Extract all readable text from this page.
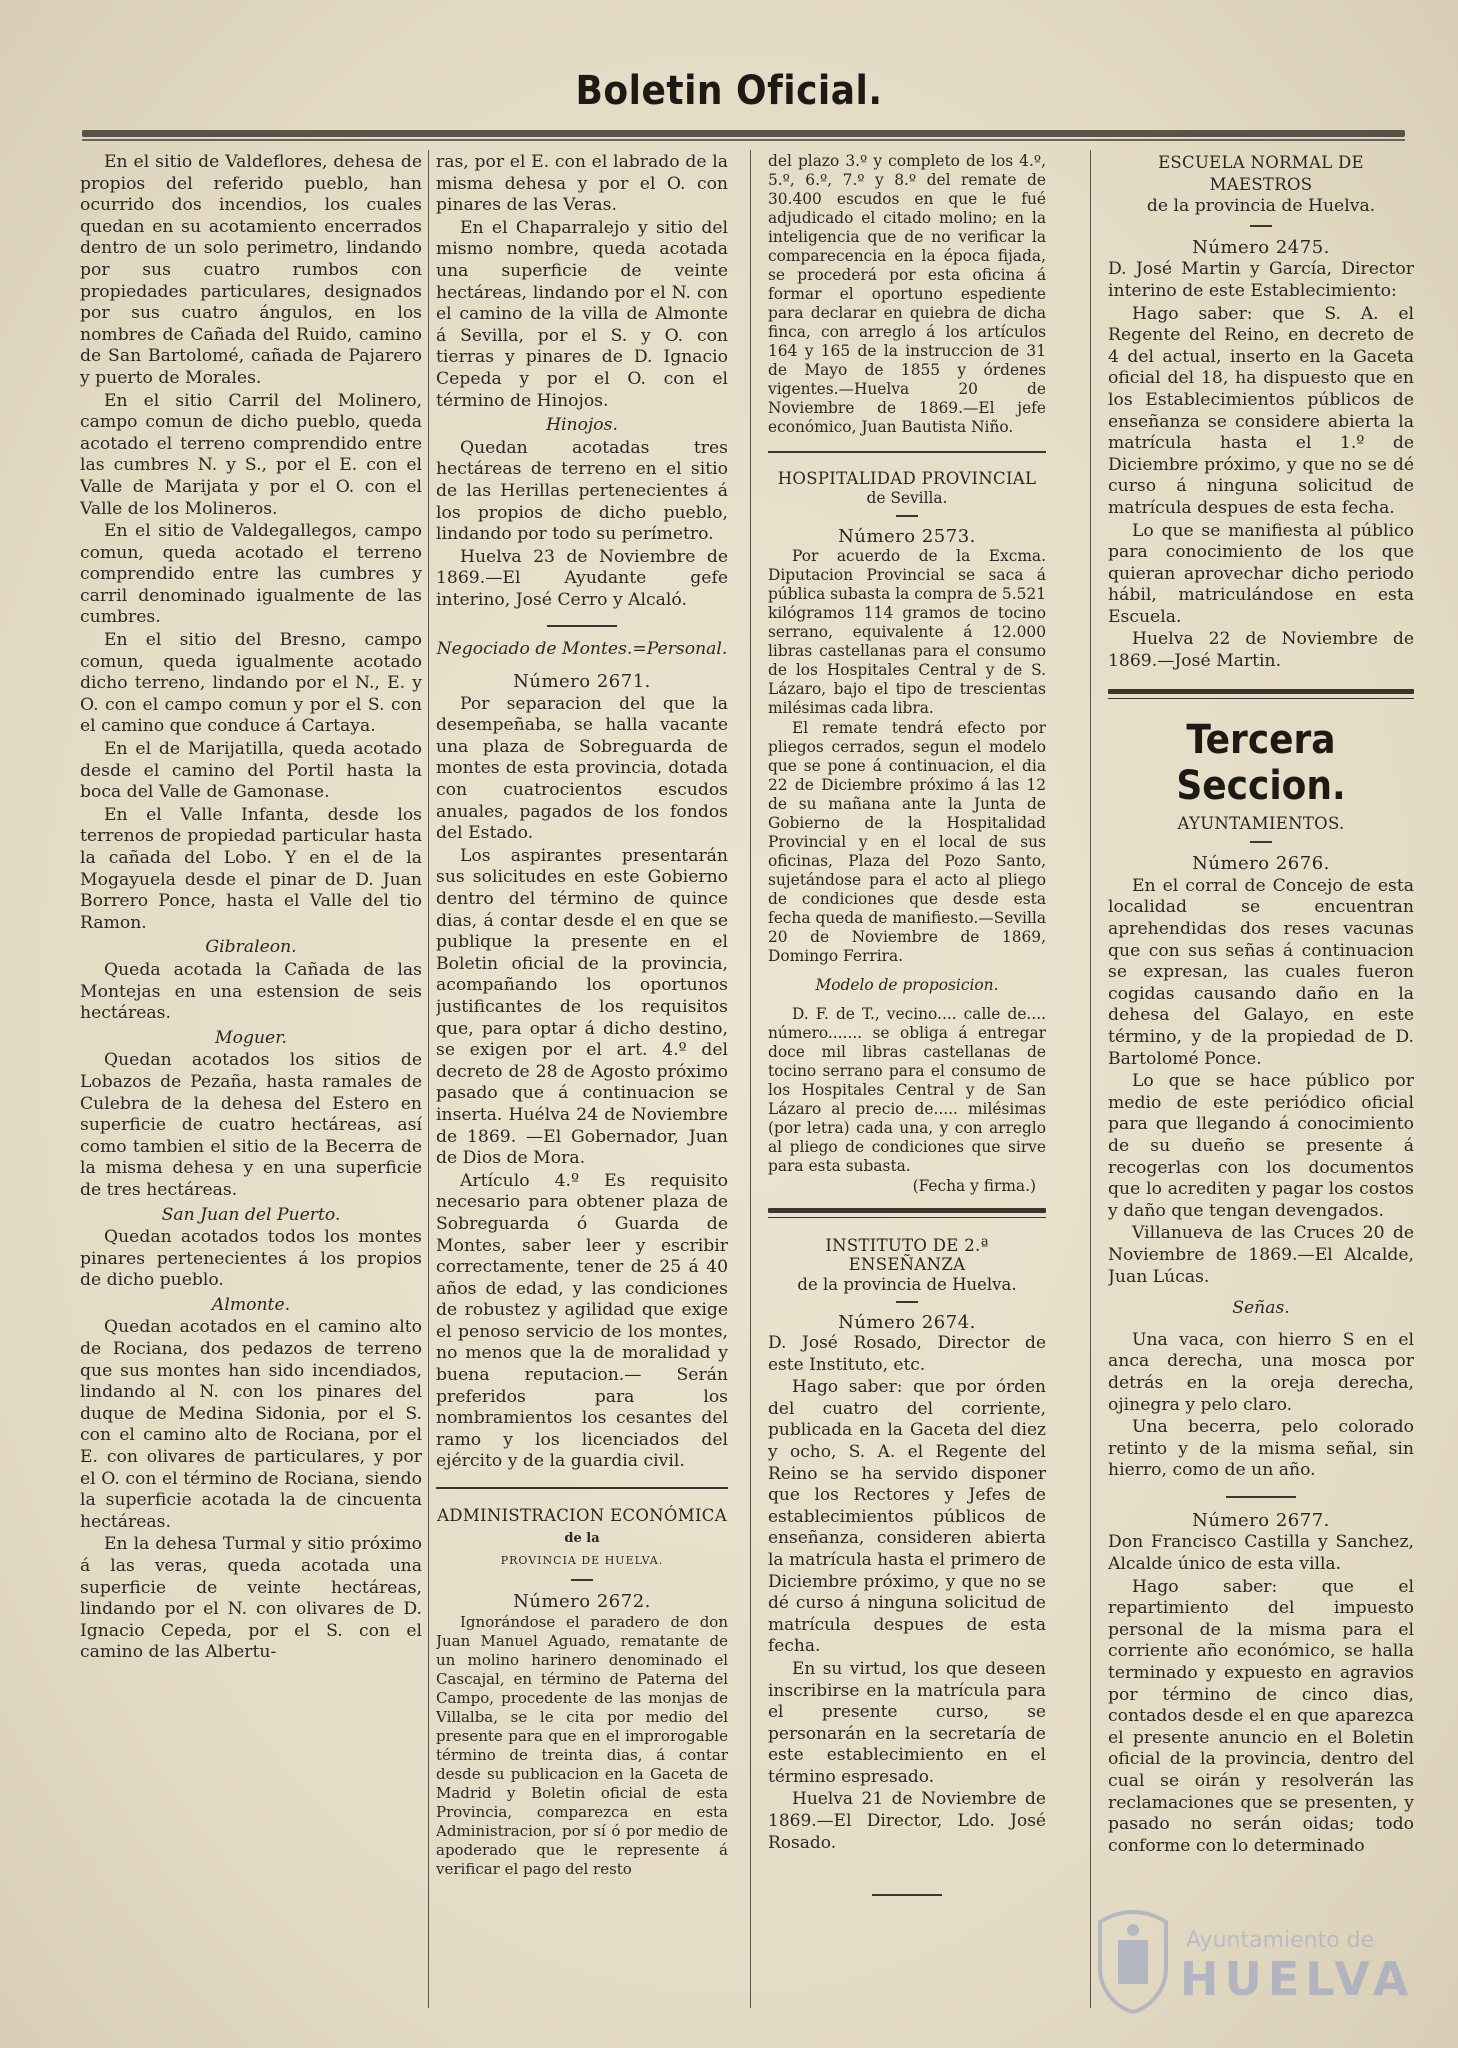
Boletin Oficial.

En el sitio de Valdeflores, dehesa de propios del referido pueblo, han ocurrido dos incendios, los cuales quedan en su acotamiento encerrados dentro de un solo perimetro, lindando por sus cuatro rumbos con propiedades particulares, designados por sus cuatro ángulos, en los nombres de Cañada del Ruido, camino de San Bartolomé, cañada de Pajarero y puerto de Morales.

En el sitio Carril del Molinero, campo comun de dicho pueblo, queda acotado el terreno comprendido entre las cumbres N. y S., por el E. con el Valle de Marijata y por el O. con el Valle de los Molineros.

En el sitio de Valdegallegos, campo comun, queda acotado el terreno comprendido entre las cumbres y carril denominado igualmente de las cumbres.

En el sitio del Bresno, campo comun, queda igualmente acotado dicho terreno, lindando por el N., E. y O. con el campo comun y por el S. con el camino que conduce á Cartaya.

En el de Marijatilla, queda acotado desde el camino del Portil hasta la boca del Valle de Gamonase.

En el Valle Infanta, desde los terrenos de propiedad particular hasta la cañada del Lobo. Y en el de la Mogayuela desde el pinar de D. Juan Borrero Ponce, hasta el Valle del tio Ramon.

Gibraleon.

Queda acotada la Cañada de las Montejas en una estension de seis hectáreas.

Moguer.

Quedan acotados los sitios de Lobazos de Pezaña, hasta ramales de Culebra de la dehesa del Estero en superficie de cuatro hectáreas, así como tambien el sitio de la Becerra de la misma dehesa y en una superficie de tres hectáreas.

San Juan del Puerto.

Quedan acotados todos los montes pinares pertenecientes á los propios de dicho pueblo.

Almonte.

Quedan acotados en el camino alto de Rociana, dos pedazos de terreno que sus montes han sido incendiados, lindando al N. con los pinares del duque de Medina Sidonia, por el S. con el camino alto de Rociana, por el E. con olivares de particulares, y por el O. con el término de Rociana, siendo la superficie acotada la de cincuenta hectáreas.

En la dehesa Turmal y sitio próximo á las veras, queda acotada una superficie de veinte hectáreas, lindando por el N. con olivares de D. Ignacio Cepeda, por el S. con el camino de las Albertu-

ras, por el E. con el labrado de la misma dehesa y por el O. con pinares de las Veras.

En el Chaparralejo y sitio del mismo nombre, queda acotada una superficie de veinte hectáreas, lindando por el N. con el camino de la villa de Almonte á Sevilla, por el S. y O. con tierras y pinares de D. Ignacio Cepeda y por el O. con el término de Hinojos.

Hinojos.

Quedan acotadas tres hectáreas de terreno en el sitio de las Herillas pertenecientes á los propios de dicho pueblo, lindando por todo su perímetro.

Huelva 23 de Noviembre de 1869.—El Ayudante gefe interino, José Cerro y Alcaló.

Negociado de Montes.=Personal.

Número 2671.

Por separacion del que la desempeñaba, se halla vacante una plaza de Sobreguarda de montes de esta provincia, dotada con cuatrocientos escudos anuales, pagados de los fondos del Estado.

Los aspirantes presentarán sus solicitudes en este Gobierno dentro del término de quince dias, á contar desde el en que se publique la presente en el Boletin oficial de la provincia, acompañando los oportunos justificantes de los requisitos que, para optar á dicho destino, se exigen por el art. 4.º del decreto de 28 de Agosto próximo pasado que á continuacion se inserta. Huélva 24 de Noviembre de 1869. —El Gobernador, Juan de Dios de Mora.

Artículo 4.º Es requisito necesario para obtener plaza de Sobreguarda ó Guarda de Montes, saber leer y escribir correctamente, tener de 25 á 40 años de edad, y las condiciones de robustez y agilidad que exige el penoso servicio de los montes, no menos que la de moralidad y buena reputacion.— Serán preferidos para los nombramientos los cesantes del ramo y los licenciados del ejército y de la guardia civil.

ADMINISTRACION ECONÓMICA

de la

PROVINCIA DE HUELVA.

Número 2672.

Ignorándose el paradero de don Juan Manuel Aguado, rematante de un molino harinero denominado el Cascajal, en término de Paterna del Campo, procedente de las monjas de Villalba, se le cita por medio del presente para que en el improrogable término de treinta dias, á contar desde su publicacion en la Gaceta de Madrid y Boletin oficial de esta Provincia, comparezca en esta Administracion, por sí ó por medio de apoderado que le represente á verificar el pago del resto

del plazo 3.º y completo de los 4.º, 5.º, 6.º, 7.º y 8.º del remate de 30.400 escudos en que le fué adjudicado el citado molino; en la inteligencia que de no verificar la comparecencia en la época fijada, se procederá por esta oficina á formar el oportuno espediente para declarar en quiebra de dicha finca, con arreglo á los artículos 164 y 165 de la instruccion de 31 de Mayo de 1855 y órdenes vigentes.—Huelva 20 de Noviembre de 1869.—El jefe económico, Juan Bautista Niño.

HOSPITALIDAD PROVINCIAL

de Sevilla.

Número 2573.

Por acuerdo de la Excma. Diputacion Provincial se saca á pública subasta la compra de 5.521 kilógramos 114 gramos de tocino serrano, equivalente á 12.000 libras castellanas para el consumo de los Hospitales Central y de S. Lázaro, bajo el tipo de trescientas milésimas cada libra.

El remate tendrá efecto por pliegos cerrados, segun el modelo que se pone á continuacion, el dia 22 de Diciembre próximo á las 12 de su mañana ante la Junta de Gobierno de la Hospitalidad Provincial y en el local de sus oficinas, Plaza del Pozo Santo, sujetándose para el acto al pliego de condiciones que desde esta fecha queda de manifiesto.—Sevilla 20 de Noviembre de 1869, Domingo Ferrira.

Modelo de proposicion.

D. F. de T., vecino.... calle de.... número....... se obliga á entregar doce mil libras castellanas de tocino serrano para el consumo de los Hospitales Central y de San Lázaro al precio de..... milésimas (por letra) cada una, y con arreglo al pliego de condiciones que sirve para esta subasta.

(Fecha y firma.)

INSTITUTO DE 2.ª ENSEÑANZA

de la provincia de Huelva.

Número 2674.

D. José Rosado, Director de este Instituto, etc.

Hago saber: que por órden del cuatro del corriente, publicada en la Gaceta del diez y ocho, S. A. el Regente del Reino se ha servido disponer que los Rectores y Jefes de establecimientos públicos de enseñanza, consideren abierta la matrícula hasta el primero de Diciembre próximo, y que no se dé curso á ninguna solicitud de matrícula despues de esta fecha.

En su virtud, los que deseen inscribirse en la matrícula para el presente curso, se personarán en la secretaría de este establecimiento en el término espresado.

Huelva 21 de Noviembre de 1869.—El Director, Ldo. José Rosado.

ESCUELA NORMAL DE MAESTROS

de la provincia de Huelva.

Número 2475.

D. José Martin y García, Director interino de este Establecimiento:

Hago saber: que S. A. el Regente del Reino, en decreto de 4 del actual, inserto en la Gaceta oficial del 18, ha dispuesto que en los Establecimientos públicos de enseñanza se considere abierta la matrícula hasta el 1.º de Diciembre próximo, y que no se dé curso á ninguna solicitud de matrícula despues de esta fecha.

Lo que se manifiesta al público para conocimiento de los que quieran aprovechar dicho periodo hábil, matriculándose en esta Escuela.

Huelva 22 de Noviembre de 1869.—José Martin.

Tercera Seccion.

AYUNTAMIENTOS.

Número 2676.

En el corral de Concejo de esta localidad se encuentran aprehendidas dos reses vacunas que con sus señas á continuacion se expresan, las cuales fueron cogidas causando daño en la dehesa del Galayo, en este término, y de la propiedad de D. Bartolomé Ponce.

Lo que se hace público por medio de este periódico oficial para que llegando á conocimiento de su dueño se presente á recogerlas con los documentos que lo acrediten y pagar los costos y daño que tengan devengados.

Villanueva de las Cruces 20 de Noviembre de 1869.—El Alcalde, Juan Lúcas.

Señas.

Una vaca, con hierro S en el anca derecha, una mosca por detrás en la oreja derecha, ojinegra y pelo claro.

Una becerra, pelo colorado retinto y de la misma señal, sin hierro, como de un año.

Número 2677.

Don Francisco Castilla y Sanchez, Alcalde único de esta villa.

Hago saber: que el repartimiento del impuesto personal de la misma para el corriente año económico, se halla terminado y expuesto en agravios por término de cinco dias, contados desde el en que aparezca el presente anuncio en el Boletin oficial de la provincia, dentro del cual se oirán y resolverán las reclamaciones que se presenten, y pasado no serán oidas; todo conforme con lo determinado

Ayuntamiento de
HUELVA
